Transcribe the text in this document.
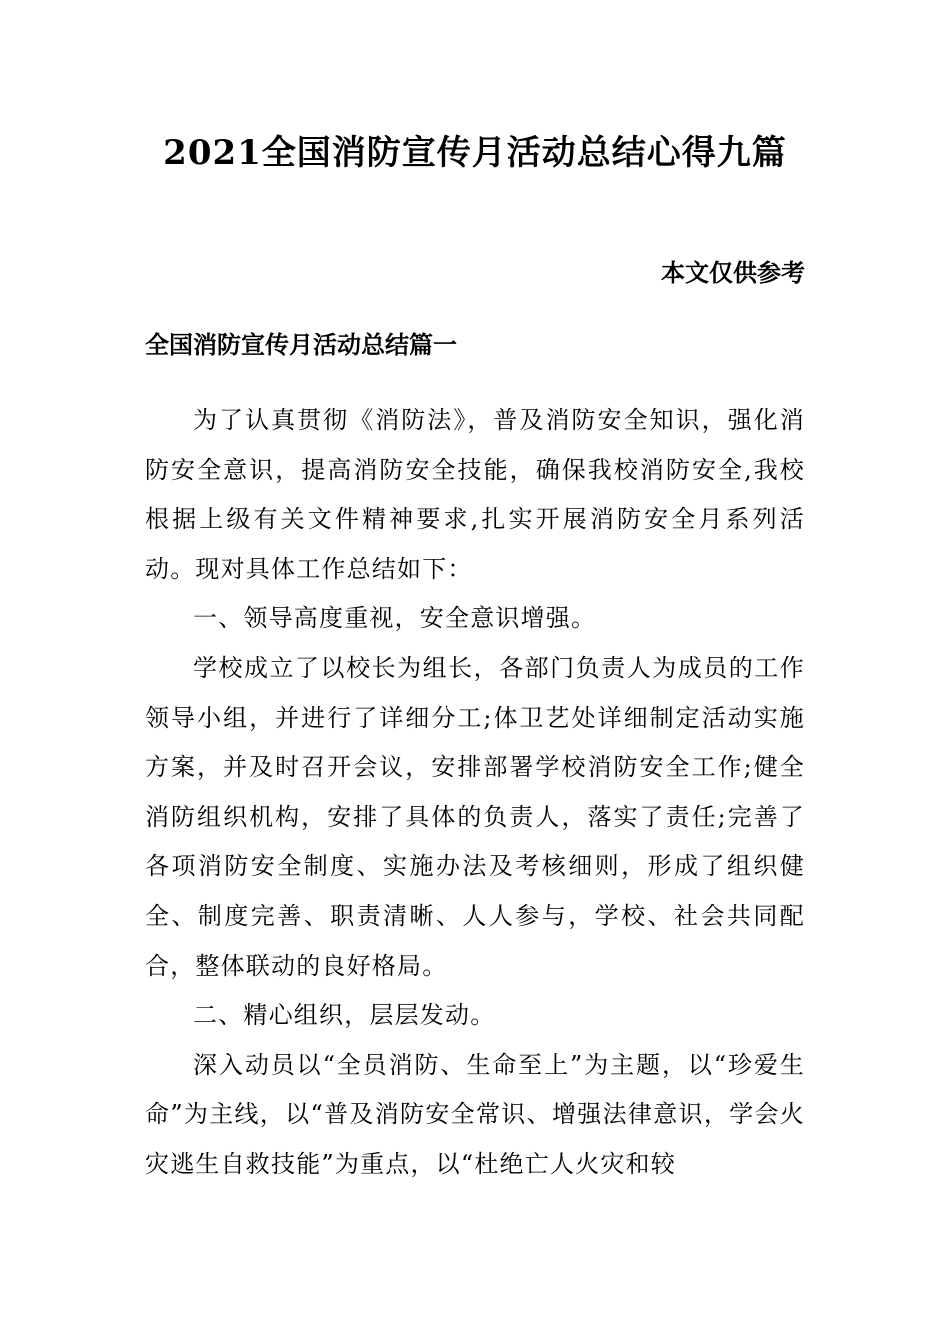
2021全国消防宣传月活动总结心得九篇
本文仅供参考
全国消防宣传月活动总结篇一

为了认真贯彻《消防法》，普及消防安全知识，强化消防安全意识，提高消防安全技能，确保我校消防安全,我校根据上级有关文件精神要求,扎实开展消防安全月系列活动。现对具体工作总结如下：

一、领导高度重视，安全意识增强。

学校成立了以校长为组长，各部门负责人为成员的工作领导小组，并进行了详细分工;体卫艺处详细制定活动实施方案，并及时召开会议，安排部署学校消防安全工作;健全消防组织机构，安排了具体的负责人，落实了责任;完善了各项消防安全制度、实施办法及考核细则，形成了组织健全、制度完善、职责清晰、人人参与，学校、社会共同配合，整体联动的良好格局。

二、精心组织，层层发动。

深入动员以“全员消防、生命至上”为主题，以“珍爱生命”为主线，以“普及消防安全常识、增强法律意识，学会火灾逃生自救技能”为重点，以“杜绝亡人火灾和较
